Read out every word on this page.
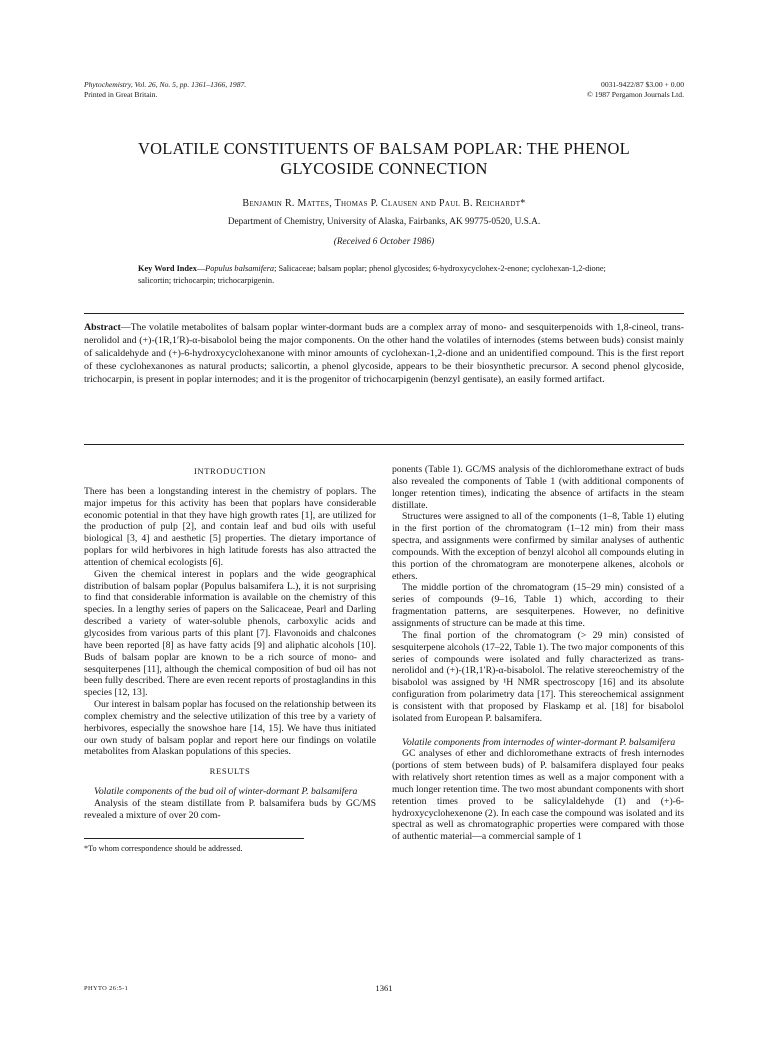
Phytochemistry, Vol. 26, No. 5, pp. 1361–1366, 1987.
Printed in Great Britain.
0031-9422/87 $3.00 + 0.00
© 1987 Pergamon Journals Ltd.
VOLATILE CONSTITUENTS OF BALSAM POPLAR: THE PHENOL
GLYCOSIDE CONNECTION
Benjamin R. Mattes, Thomas P. Clausen and Paul B. Reichardt*
Department of Chemistry, University of Alaska, Fairbanks, AK 99775-0520, U.S.A.
(Received 6 October 1986)
Key Word Index—Populus balsamifera; Salicaceae; balsam poplar; phenol glycosides; 6-hydroxycyclohex-2-enone; cyclohexan-1,2-dione; salicortin; trichocarpin; trichocarpigenin.
Abstract—The volatile metabolites of balsam poplar winter-dormant buds are a complex array of mono- and sesquiterpenoids with 1,8-cineol, trans-nerolidol and (+)-(1R,1′R)-α-bisabolol being the major components. On the other hand the volatiles of internodes (stems between buds) consist mainly of salicaldehyde and (+)-6-hydroxycyclohexanone with minor amounts of cyclohexan-1,2-dione and an unidentified compound. This is the first report of these cyclohexanones as natural products; salicortin, a phenol glycoside, appears to be their biosynthetic precursor. A second phenol glycoside, trichocarpin, is present in poplar internodes; and it is the progenitor of trichocarpigenin (benzyl gentisate), an easily formed artifact.
INTRODUCTION

There has been a longstanding interest in the chemistry of poplars. The major impetus for this activity has been that poplars have considerable economic potential in that they have high growth rates [1], are utilized for the production of pulp [2], and contain leaf and bud oils with useful biological [3, 4] and aesthetic [5] properties. The dietary importance of poplars for wild herbivores in high latitude forests has also attracted the attention of chemical ecologists [6].

Given the chemical interest in poplars and the wide geographical distribution of balsam poplar (Populus balsamifera L.), it is not surprising to find that considerable information is available on the chemistry of this species. In a lengthy series of papers on the Salicaceae, Pearl and Darling described a variety of water-soluble phenols, carboxylic acids and glycosides from various parts of this plant [7]. Flavonoids and chalcones have been reported [8] as have fatty acids [9] and aliphatic alcohols [10]. Buds of balsam poplar are known to be a rich source of mono- and sesquiterpenes [11], although the chemical composition of bud oil has not been fully described. There are even recent reports of prostaglandins in this species [12, 13].

Our interest in balsam poplar has focused on the relationship between its complex chemistry and the selective utilization of this tree by a variety of herbivores, especially the snowshoe hare [14, 15]. We have thus initiated our own study of balsam poplar and report here our findings on volatile metabolites from Alaskan populations of this species.

RESULTS

Volatile components of the bud oil of winter-dormant P. balsamifera

Analysis of the steam distillate from P. balsamifera buds by GC/MS revealed a mixture of over 20 com-

*To whom correspondence should be addressed.

ponents (Table 1). GC/MS analysis of the dichloromethane extract of buds also revealed the components of Table 1 (with additional components of longer retention times), indicating the absence of artifacts in the steam distillate.

Structures were assigned to all of the components (1–8, Table 1) eluting in the first portion of the chromatogram (1–12 min) from their mass spectra, and assignments were confirmed by similar analyses of authentic compounds. With the exception of benzyl alcohol all compounds eluting in this portion of the chromatogram are monoterpene alkenes, alcohols or ethers.

The middle portion of the chromatogram (15–29 min) consisted of a series of compounds (9–16, Table 1) which, according to their fragmentation patterns, are sesquiterpenes. However, no definitive assignments of structure can be made at this time.

The final portion of the chromatogram (> 29 min) consisted of sesquiterpene alcohols (17–22, Table 1). The two major components of this series of compounds were isolated and fully characterized as trans-nerolidol and (+)-(1R,1′R)-α-bisabolol. The relative stereochemistry of the bisabolol was assigned by ¹H NMR spectroscopy [16] and its absolute configuration from polarimetry data [17]. This stereochemical assignment is consistent with that proposed by Flaskamp et al. [18] for bisabolol isolated from European P. balsamifera.

Volatile components from internodes of winter-dormant P. balsamifera

GC analyses of ether and dichloromethane extracts of fresh internodes (portions of stem between buds) of P. balsamifera displayed four peaks with relatively short retention times as well as a major component with a much longer retention time. The two most abundant components with short retention times proved to be salicylaldehyde (1) and (+)-6-hydroxycyclohexenone (2). In each case the compound was isolated and its spectral as well as chromatographic properties were compared with those of authentic material—a commercial sample of 1

PHYTO 26:5-1	1361
